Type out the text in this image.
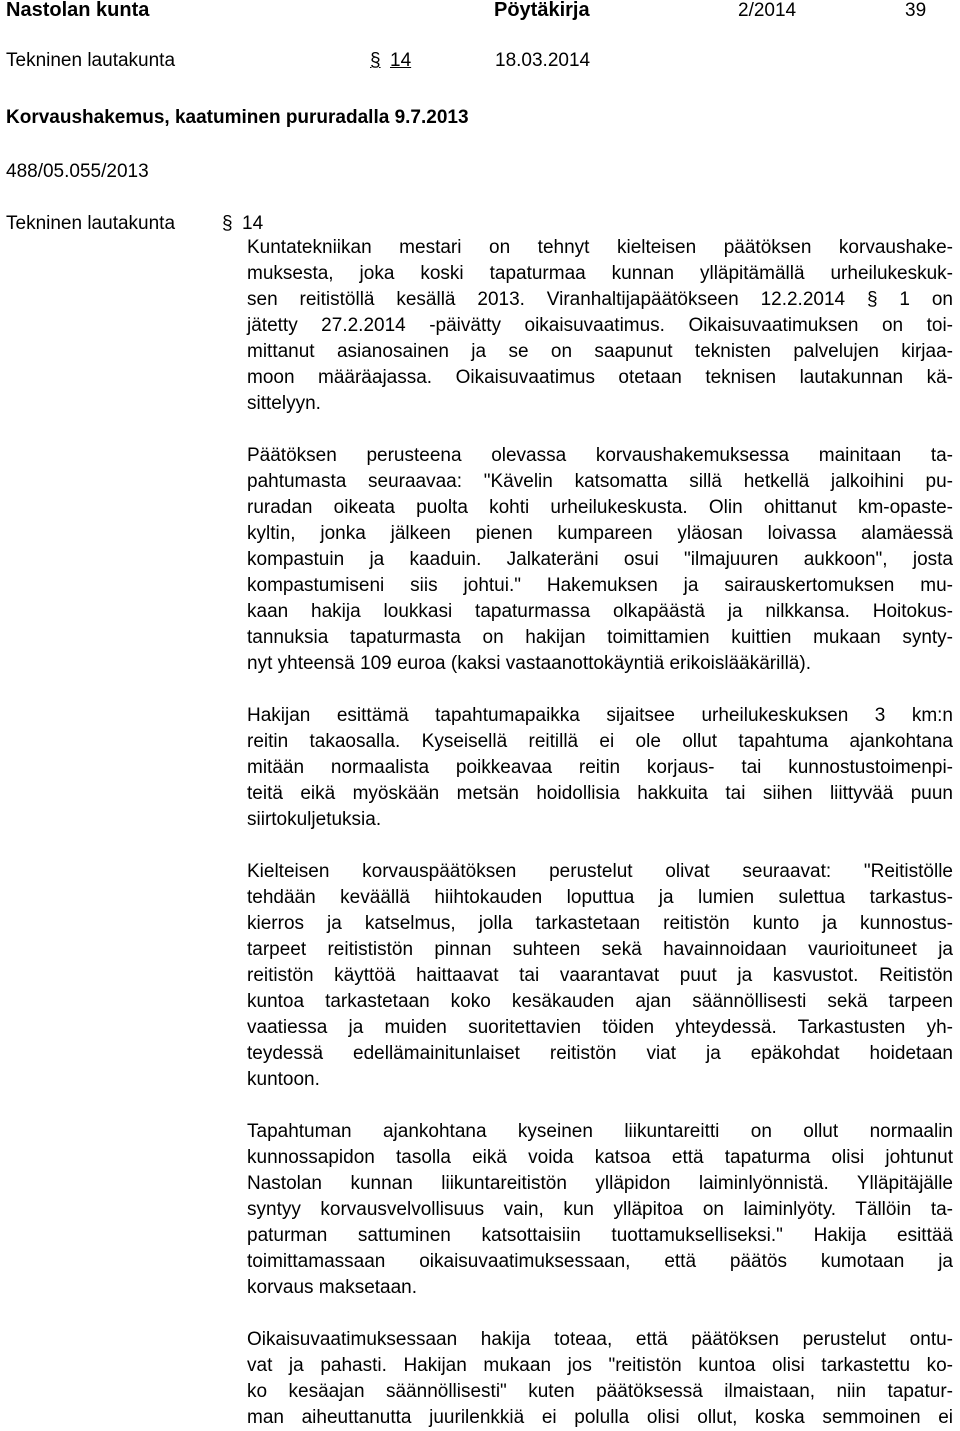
Nastolan kunta	Pöytäkirja	2/2014	39
Tekninen lautakunta	§ 14	18.03.2014
Korvaushakemus, kaatuminen pururadalla 9.7.2013
488/05.055/2013
Tekninen lautakunta § 14
Kuntatekniikan mestari on tehnyt kielteisen päätöksen korvaushake-
muksesta, joka koski tapaturmaa kunnan ylläpitämällä urheilukeskuk-
sen reitistöllä kesällä 2013. Viranhaltijapäätökseen 12.2.2014 § 1 on
jätetty 27.2.2014 -päivätty oikaisuvaatimus. Oikaisuvaatimuksen on toi-
mittanut asianosainen ja se on saapunut teknisten palvelujen kirjaa-
moon määräajassa. Oikaisuvaatimus otetaan teknisen lautakunnan kä-
sittelyyn.
Päätöksen perusteena olevassa korvaushakemuksessa mainitaan ta-
pahtumasta seuraavaa: "Kävelin katsomatta sillä hetkellä jalkoihini pu-
ruradan oikeata puolta kohti urheilukeskusta. Olin ohittanut km-opaste-
kyltin, jonka jälkeen pienen kumpareen yläosan loivassa alamäessä
kompastuin ja kaaduin. Jalkateräni osui "ilmajuuren aukkoon", josta
kompastumiseni siis johtui." Hakemuksen ja sairauskertomuksen mu-
kaan hakija loukkasi tapaturmassa olkapäästä ja nilkkansa. Hoitokus-
tannuksia tapaturmasta on hakijan toimittamien kuittien mukaan synty-
nyt yhteensä 109 euroa (kaksi vastaanottokäyntiä erikoislääkärillä).
Hakijan esittämä tapahtumapaikka sijaitsee urheilukeskuksen 3 km:n
reitin takaosalla. Kyseisellä reitillä ei ole ollut tapahtuma ajankohtana
mitään normaalista poikkeavaa reitin korjaus- tai kunnostustoimenpi-
teitä eikä myöskään metsän hoidollisia hakkuita tai siihen liittyvää puun
siirtokuljetuksia.
Kielteisen korvauspäätöksen perustelut olivat seuraavat: "Reitistölle
tehdään keväällä hiihtokauden loputtua ja lumien sulettua tarkastus-
kierros ja katselmus, jolla tarkastetaan reitistön kunto ja kunnostus-
tarpeet reitististön pinnan suhteen sekä havainnoidaan vaurioituneet ja
reitistön käyttöä haittaavat tai vaarantavat puut ja kasvustot. Reitistön
kuntoa tarkastetaan koko kesäkauden ajan säännöllisesti sekä tarpeen
vaatiessa ja muiden suoritettavien töiden yhteydessä. Tarkastusten yh-
teydessä edellämainitunlaiset reitistön viat ja epäkohdat hoidetaan
kuntoon.
Tapahtuman ajankohtana kyseinen liikuntareitti on ollut normaalin
kunnossapidon tasolla eikä voida katsoa että tapaturma olisi johtunut
Nastolan kunnan liikuntareitistön ylläpidon laiminlyönnistä. Ylläpitäjälle
syntyy korvausvelvollisuus vain, kun ylläpitoa on laiminlyöty. Tällöin ta-
paturman sattuminen katsottaisiin tuottamukselliseksi." Hakija esittää
toimittamassaan oikaisuvaatimuksessaan, että päätös kumotaan ja
korvaus maksetaan.
Oikaisuvaatimuksessaan hakija toteaa, että päätöksen perustelut ontu-
vat ja pahasti. Hakijan mukaan jos "reitistön kuntoa olisi tarkastettu ko-
ko kesäajan säännöllisesti" kuten päätöksessä ilmaistaan, niin tapatur-
man aiheuttanutta juurilenkkiä ei polulla olisi ollut, koska semmoinen ei
